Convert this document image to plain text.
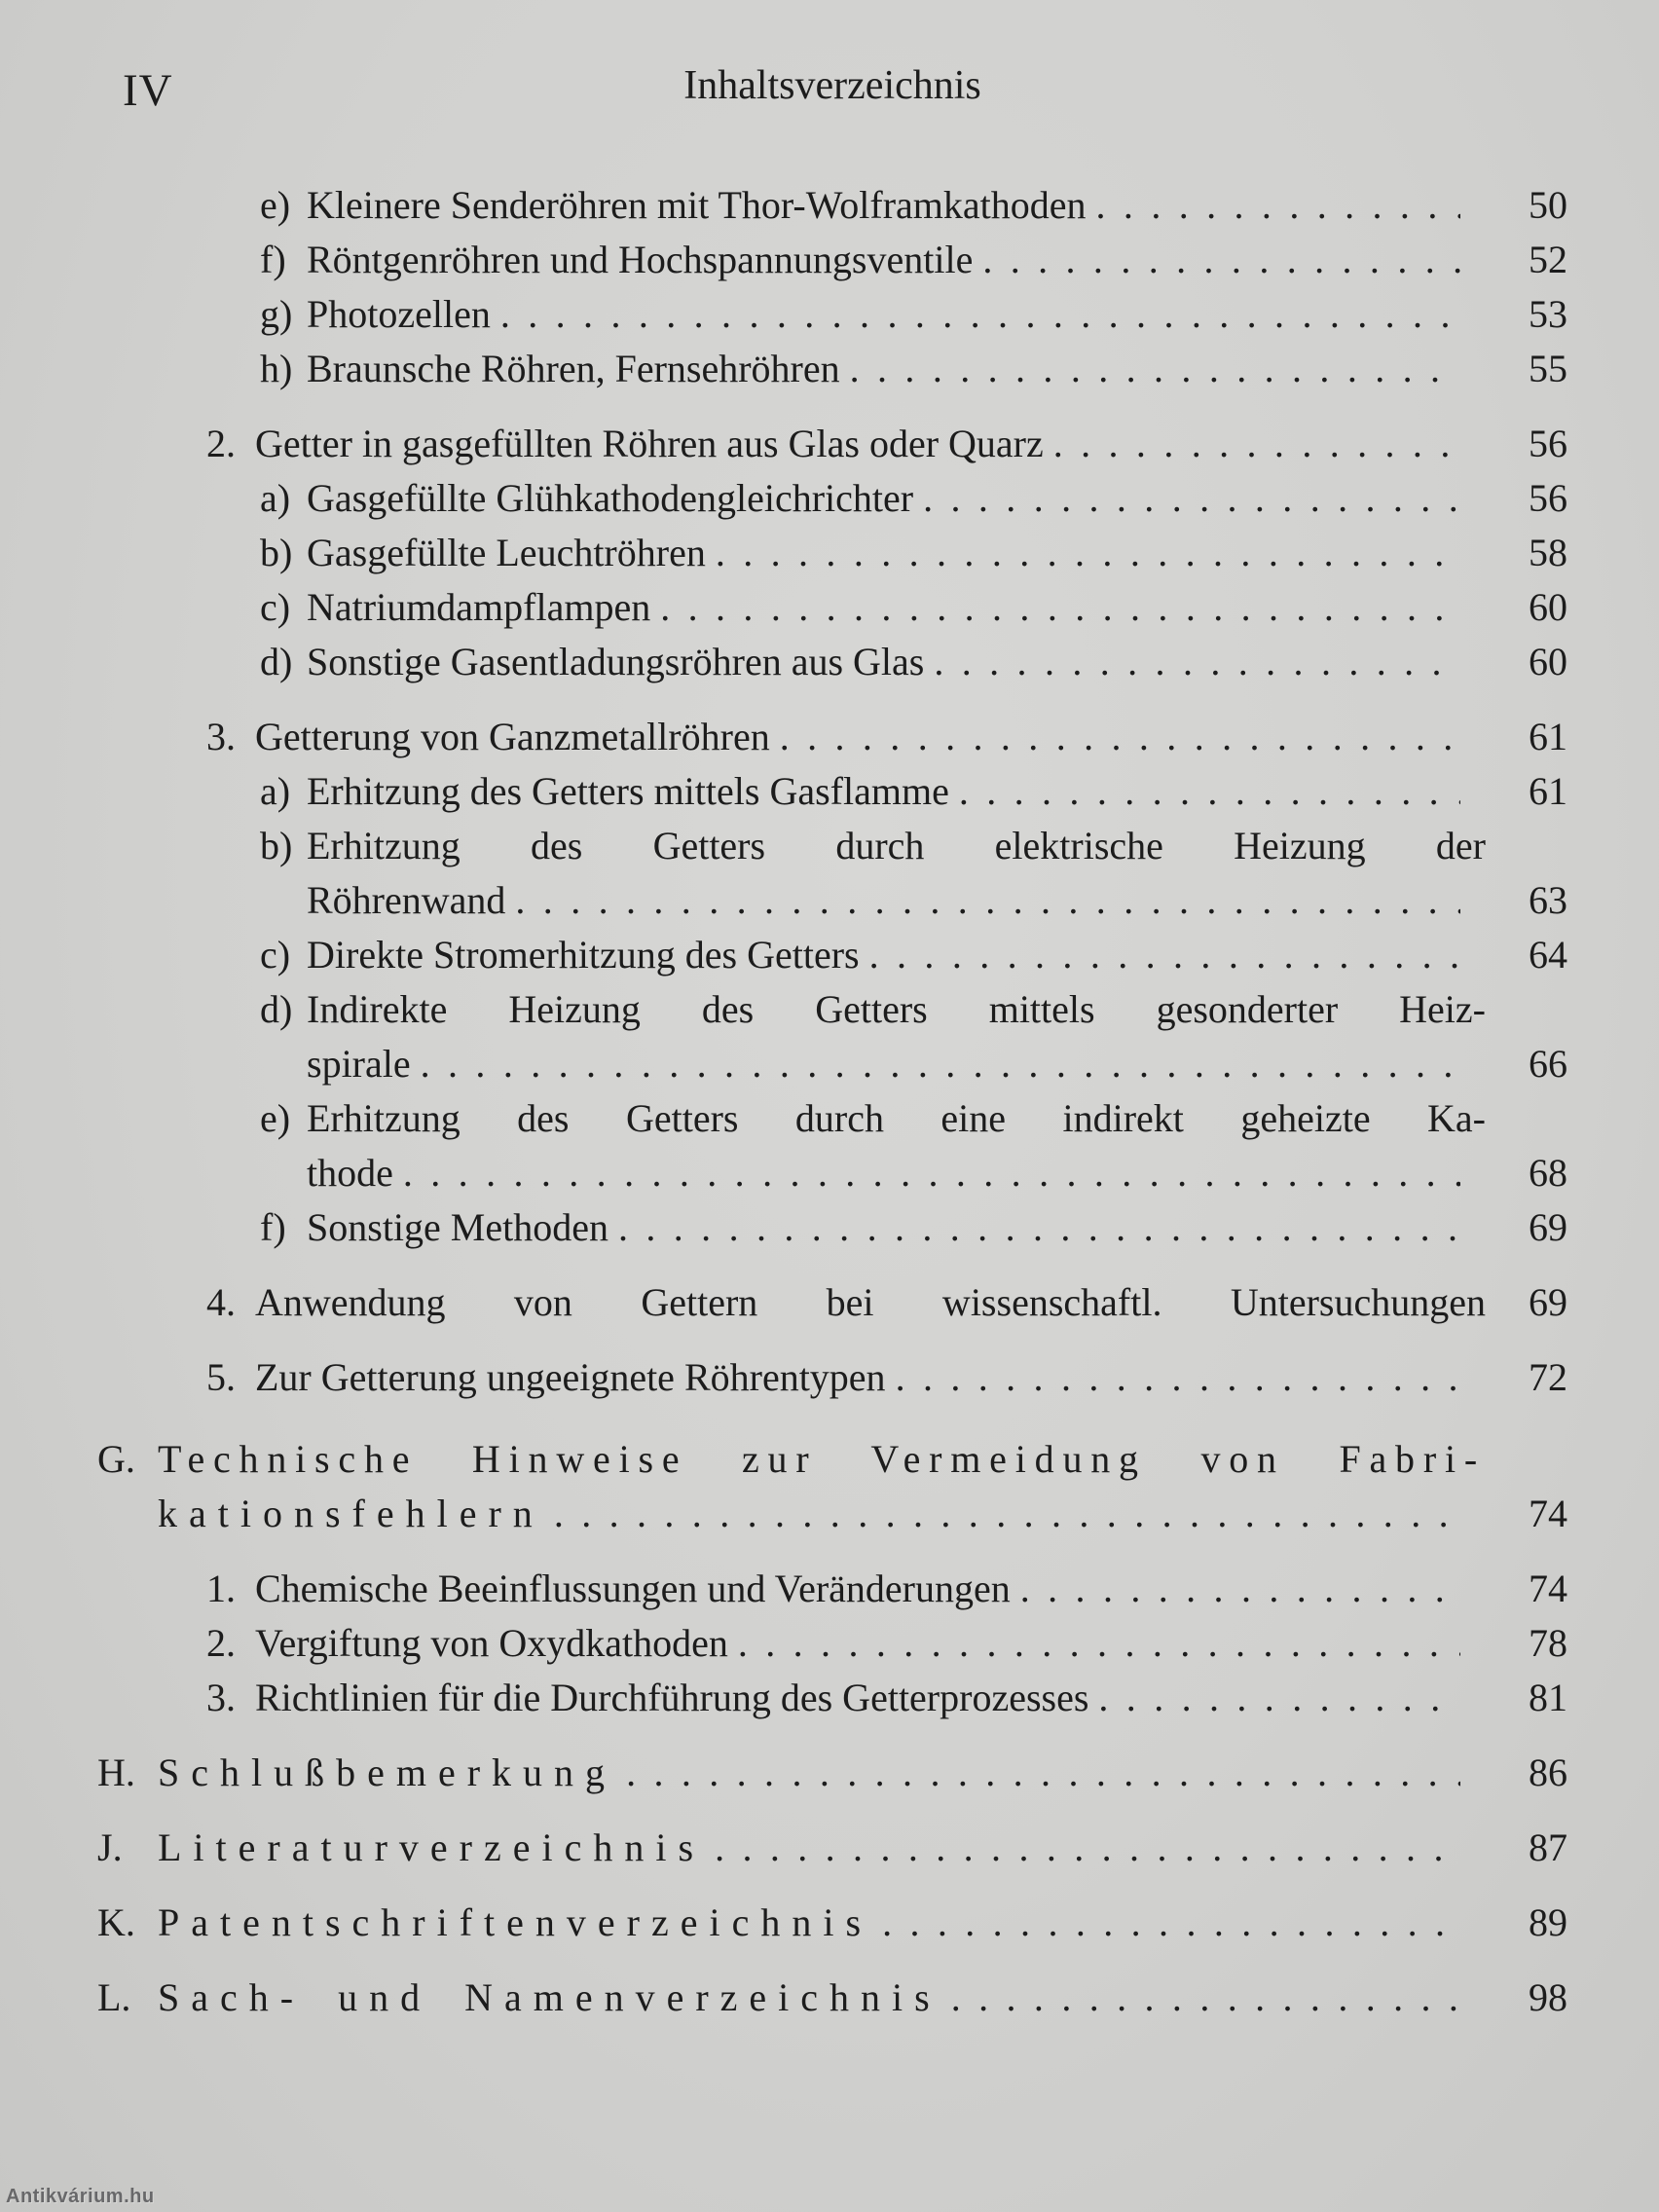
IV	Inhaltsverzeichnis
e) Kleinere Senderöhren mit Thor-Wolframkathoden .....	50
f) Röntgenröhren und Hochspannungsventile .....	52
g) Photozellen .....	53
h) Braunsche Röhren, Fernsehröhren .....	55
2. Getter in gasgefüllten Röhren aus Glas oder Quarz .....	56
a) Gasgefüllte Glühkathodengleichrichter .....	56
b) Gasgefüllte Leuchtröhren .....	58
c) Natriumdampflampen .....	60
d) Sonstige Gasentladungsröhren aus Glas .....	60
3. Getterung von Ganzmetallröhren .....	61
a) Erhitzung des Getters mittels Gasflamme .....	61
b) Erhitzung des Getters durch elektrische Heizung der
Röhrenwand .....	63
c) Direkte Stromerhitzung des Getters .....	64
d) Indirekte Heizung des Getters mittels gesonderter Heiz-
spirale .....	66
e) Erhitzung des Getters durch eine indirekt geheizte Ka-
thode .....	68
f) Sonstige Methoden .....	69
4. Anwendung von Gettern bei wissenschaftl. Untersuchungen	69
5. Zur Getterung ungeeignete Röhrentypen .....	72
G. Technische Hinweise zur Vermeidung von Fabri-
kationsfehlern .....	74
1. Chemische Beeinflussungen und Veränderungen .....	74
2. Vergiftung von Oxydkathoden .....	78
3. Richtlinien für die Durchführung des Getterprozesses .....	81
H. Schlußbemerkung .....	86
J. Literaturverzeichnis .....	87
K. Patentschriftenverzeichnis .....	89
L. Sach- und Namenverzeichnis .....	98
Antikvárium.hu
